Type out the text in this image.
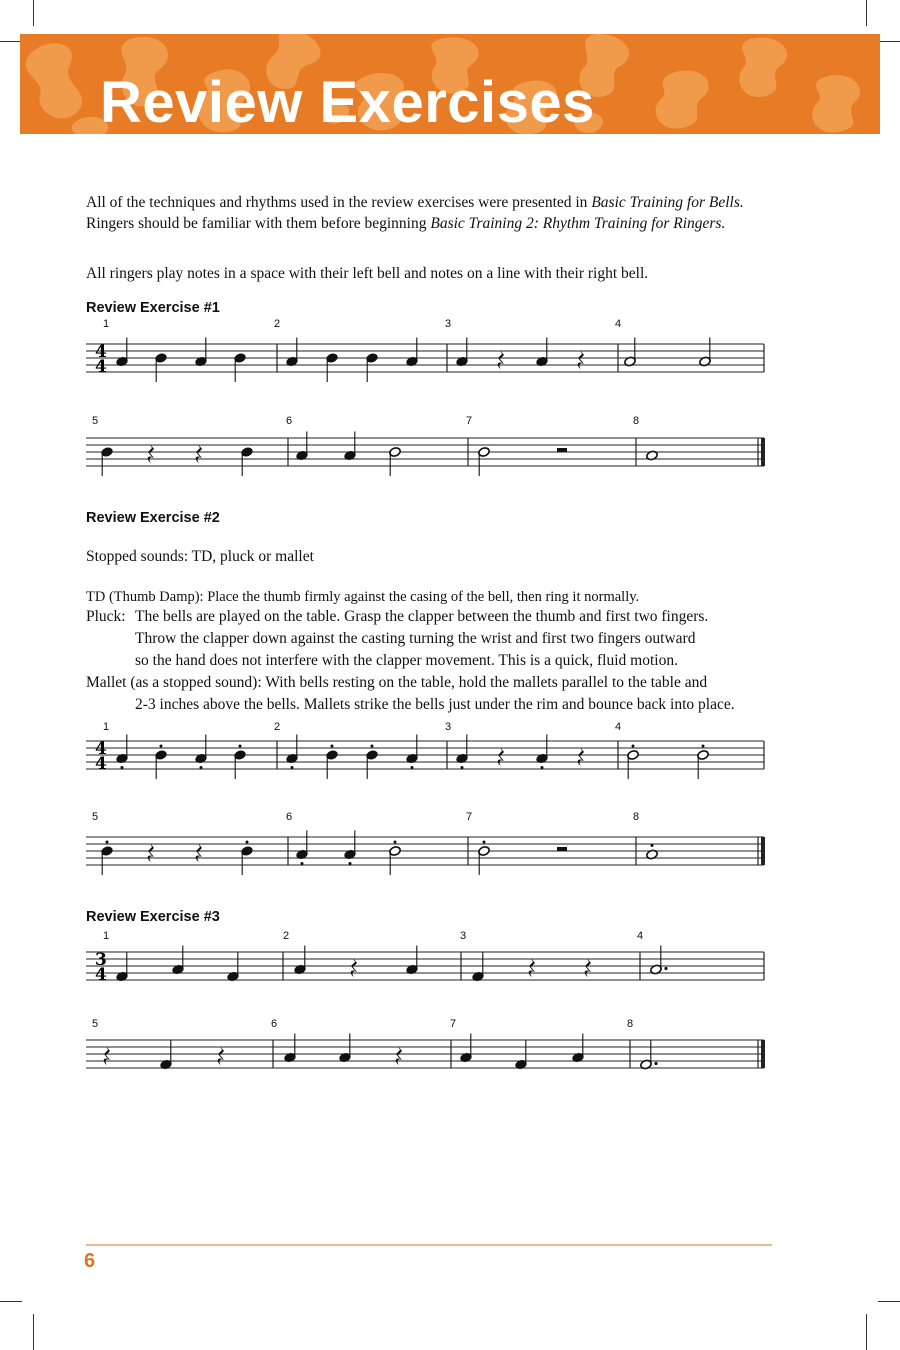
Review Exercises

All of the techniques and rhythms used in the review exercises were presented in Basic Training for Bells. Ringers should be familiar with them before beginning Basic Training 2: Rhythm Training for Ringers.

All ringers play notes in a space with their left bell and notes on a line with their right bell.

Review Exercise #1
4
4
1	2	3	4
5	6	7	8
4
4
1	2	3	4
5	6	7	8
3
4
1	2	3	4
5	6	7	8
Review Exercise #2

Stopped sounds: TD, pluck or mallet

TD (Thumb Damp): Place the thumb firmly against the casing of the bell, then ring it normally.

Pluck: The bells are played on the table. Grasp the clapper between the thumb and first two fingers.

Throw the clapper down against the casting turning the wrist and first two fingers outward

so the hand does not interfere with the clapper movement. This is a quick, fluid motion.

Mallet (as a stopped sound): With bells resting on the table, hold the mallets parallel to the table and

2-3 inches above the bells. Mallets strike the bells just under the rim and bounce back into place.

Review Exercise #3
6
